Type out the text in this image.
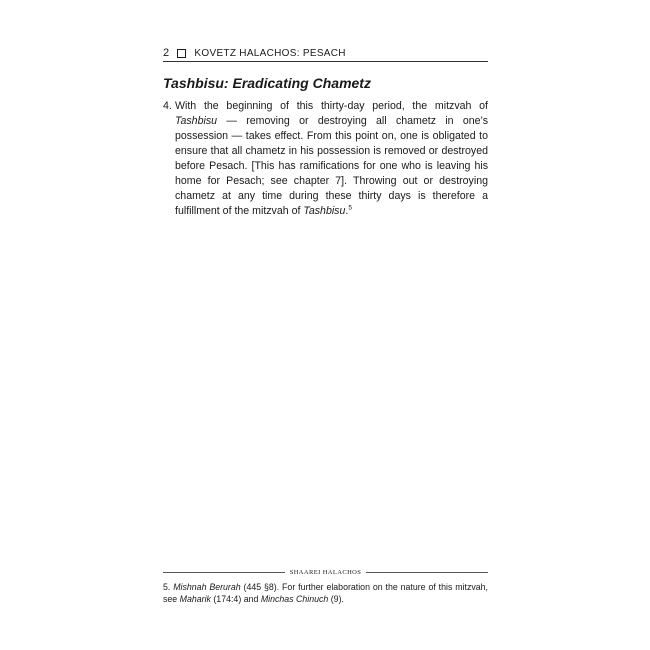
2	KOVETZ HALACHOS: PESACH
Tashbisu: Eradicating Chametz
4. With the beginning of this thirty-day period, the mitzvah of Tashbisu — removing or destroying all chametz in one’s possession — takes effect. From this point on, one is obligated to ensure that all chametz in his possession is removed or destroyed before Pesach. [This has ramifications for one who is leaving his home for Pesach; see chapter 7]. Throwing out or destroying chametz at any time during these thirty days is therefore a fulfillment of the mitzvah of Tashbisu.$^5$

SHAAREI HALACHOS

5. Mishnah Berurah (445 §8). For further elaboration on the nature of this mitzvah, see Maharik (174:4) and Minchas Chinuch (9).
